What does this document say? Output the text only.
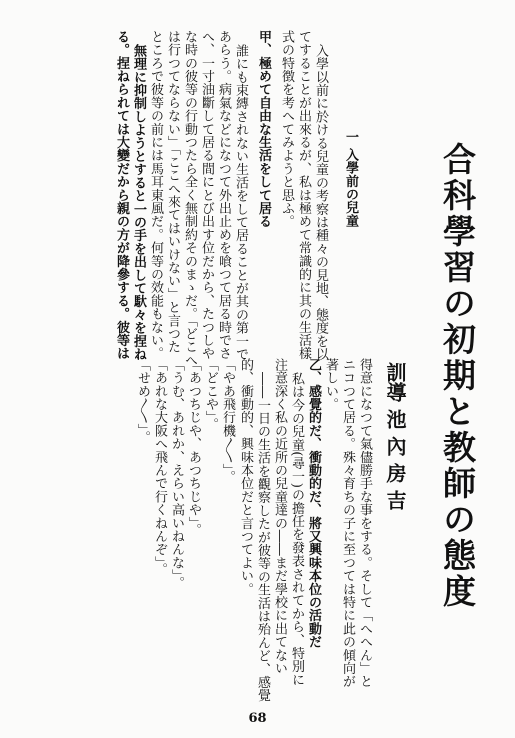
合科學習の初期と教師の態度
訓導 池 內 房 吉
得意になつて氣儘勝手な事をする。そして「へへん」と
ニコつて居る。殊々育ちの子に至つては特に此の傾向が
著しい。
乙、感覺的だ、衝動的だ、將又興味本位の活動だ
私は今の兒童(尋一)の擔任を發表されてから、特別に
注意深く私の近所の兒童達の――まだ學校に出てない
――一日の生活を觀察したが彼等の生活は殆んど、感覺
的、衝動的、興味本位だと言つてよい。
「やあ飛行機〳〵」。
「どこや」。
「あつちじや、あつちじや」。
「うむ、あれか、えらい高いねんな」。
「あれな大阪へ飛んで行くねんぞ」。
「せめ〳〵」。
一 入學前の兒童
入學以前に於ける兒童の考察は種々の見地、態度を以
てすることが出來るが、私は極めて常識的に其の生活樣
式の特徴を考へてみようと思ふ。
甲、極めて自由な生活をして居る
誰にも束縛されない生活をして居ることが其の第一で
あらう。病氣などになつて外出止めを喰つて居る時でさ
へ、一寸油斷して居る間にとび出す位だから、たつしや
な時の彼等の行動つたら全く無制約そのまゝだ。「どこへ
は行つてならない」「ここへ來てはいけない」と言つた
ところで彼等の前には馬耳東風だ。何等の效能もない。
無理に抑制しようとすると一の手を出して馱々を捏ね
る。捏ねられては大變だから親の方が降參する。彼等は
68
